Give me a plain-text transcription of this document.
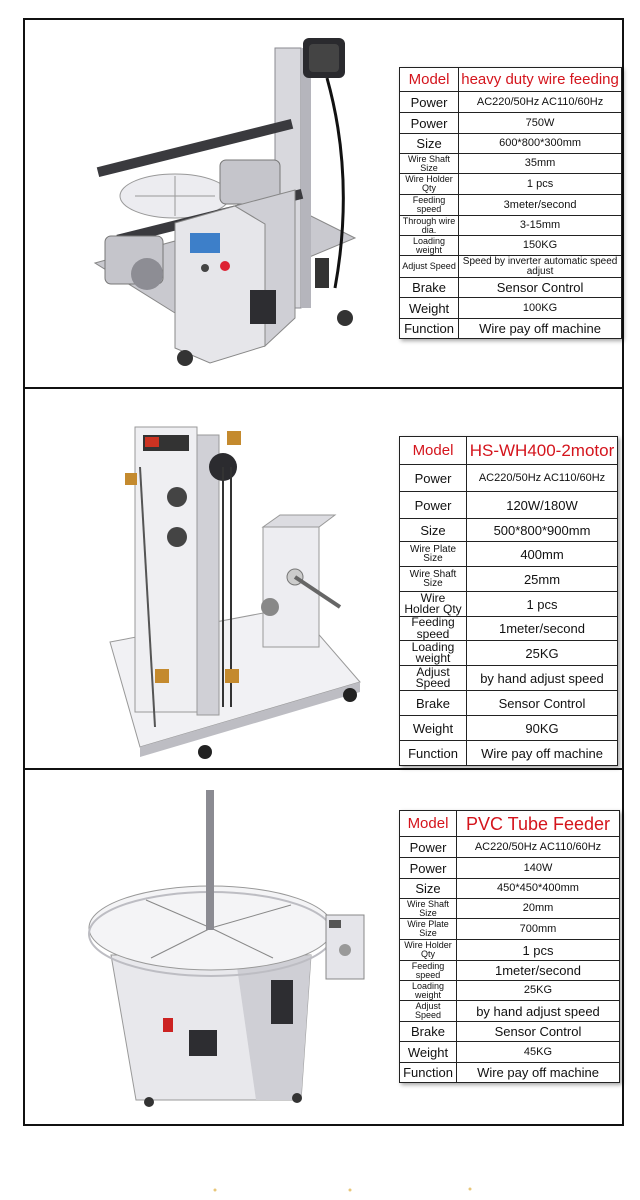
Model	heavy duty wire feeding
Power	AC220/50Hz AC110/60Hz
Power	750W
Size	600*800*300mm
Wire Shaft Size	35mm
Wire Holder Qty	1 pcs
Feeding speed	3meter/second
Through wire dia.	3-15mm
Loading weight	150KG
Adjust Speed	Speed by inverter automatic speed adjust
Brake	Sensor Control
Weight	100KG
Function	Wire pay off machine
Model	HS-WH400-2motor
Power	AC220/50Hz AC110/60Hz
Power	120W/180W
Size	500*800*900mm
Wire Plate Size	400mm
Wire Shaft Size	25mm
Wire Holder Qty	1 pcs
Feeding speed	1meter/second
Loading weight	25KG
Adjust Speed	by hand adjust speed
Brake	Sensor Control
Weight	90KG
Function	Wire pay off machine
Model	PVC Tube Feeder
Power	AC220/50Hz AC110/60Hz
Power	140W
Size	450*450*400mm
Wire Shaft Size	20mm
Wire Plate Size	700mm
Wire Holder Qty	1 pcs
Feeding speed	1meter/second
Loading weight	25KG
Adjust Speed	by hand adjust speed
Brake	Sensor Control
Weight	45KG
Function	Wire pay off machine
